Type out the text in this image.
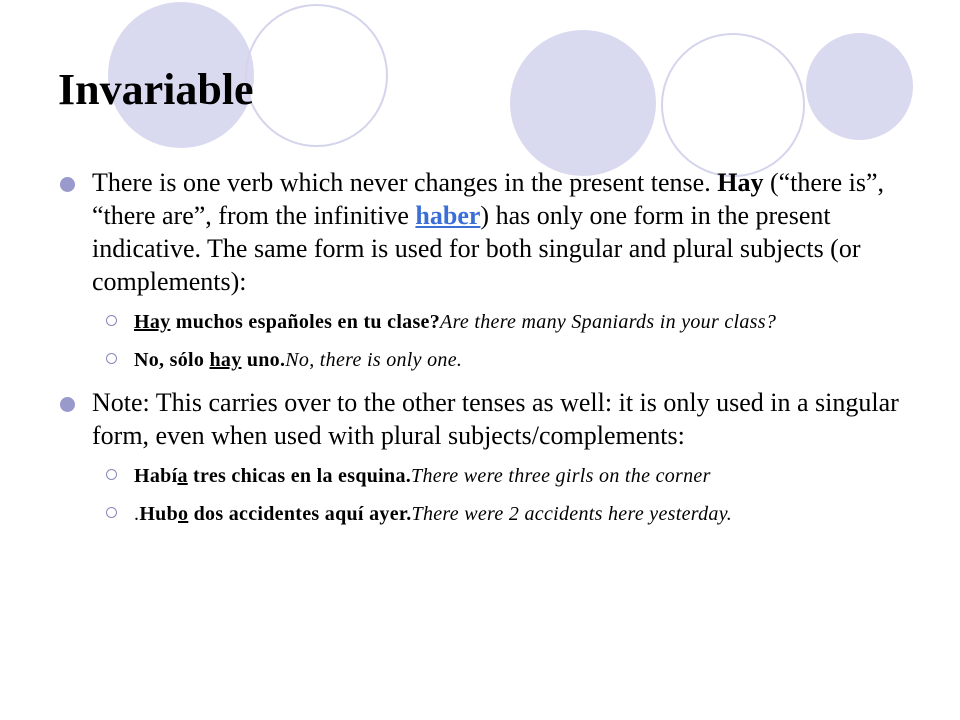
Invariable
There is one verb which never changes in the present tense. Hay (“there is”, “there are”, from the infinitive haber) has only one form in the present indicative. The same form is used for both singular and plural subjects (or complements):
Hay muchos españoles en tu clase?Are there many Spaniards in your class?
No, sólo hay uno.No, there is only one.
Note: This carries over to the other tenses as well: it is only used in a singular form, even when used with plural subjects/complements:
Había tres chicas en la esquina.There were three girls on the corner
.Hubo dos accidentes aquí ayer.There were 2 accidents here yesterday.
